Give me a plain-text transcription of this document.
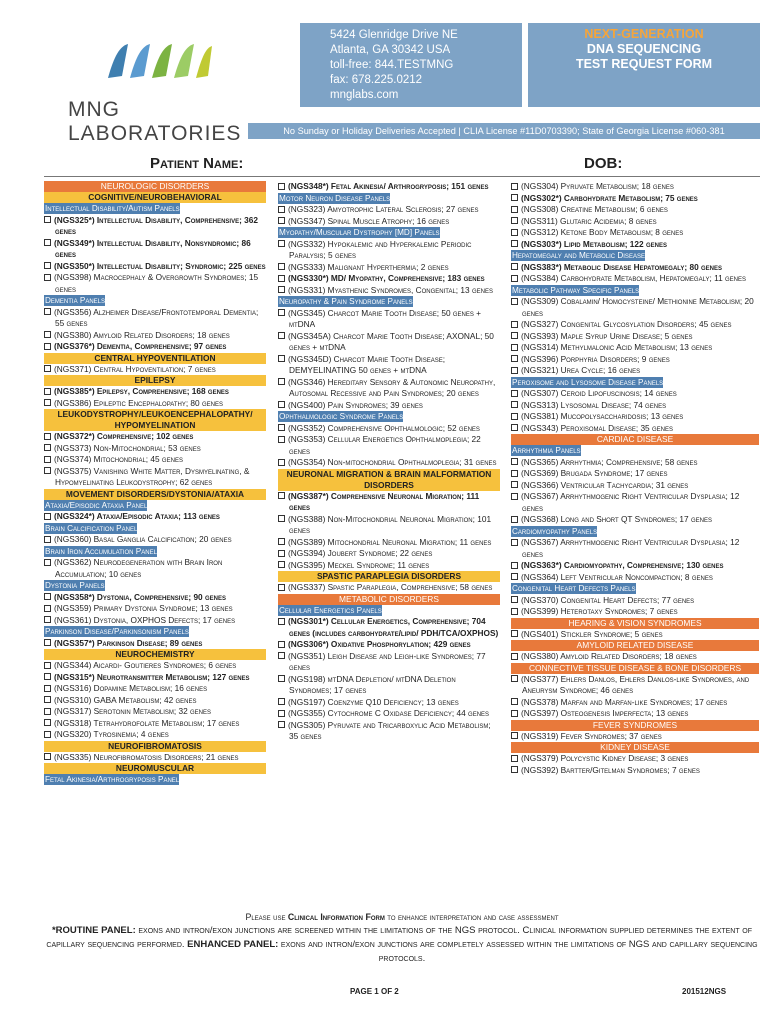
MNG LABORATORIES
5424 Glenridge Drive NE
Atlanta, GA 30342 USA
toll-free: 844.TESTMNG
fax: 678.225.0212
mnglabs.com
NEXT-GENERATION
DNA SEQUENCING
TEST REQUEST FORM
No Sunday or Holiday Deliveries Accepted | CLIA License #11D0703390; State of Georgia License #060-381
Patient Name:	DOB:
NEUROLOGIC DISORDERS
COGNITIVE/NEUROBEHAVIORAL
Intellectual Disability/Autism Panels
(NGS325*) Intellectual Disability, Comprehensive; 362 genes
(NGS349*) Intellectual Disability, Nonsyndromic; 86 genes
(NGS350*) Intellectual Disability; Syndromic; 225 genes
(NGS398) Macrocephaly & Overgrowth Syndromes; 15 genes
Dementia Panels
(NGS356) Alzheimer Disease/Frontotemporal Dementia; 55 genes
(NGS380) Amyloid Related Disorders; 18 genes
(NGS376*) Dementia, Comprehensive; 97 genes
CENTRAL HYPOVENTILATION
(NGS371) Central Hypoventilation; 7 genes
EPILEPSY
(NGS385*) Epilepsy, Comprehensive; 168 genes
(NGS386) Epileptic Encephalopathy; 80 genes
LEUKODYSTROPHY/LEUKOENCEPHALOPATHY/ HYPOMYELINATION
(NGS372*) Comprehensive; 102 genes
(NGS373) Non-Mitochondrial; 53 genes
(NGS374) Mitochondrial; 45 genes
(NGS375) Vanishing White Matter, Dysmyelinating, & Hypomyelinating Leukodystrophy; 62 genes
MOVEMENT DISORDERS/DYSTONIA/ATAXIA
Ataxia/Episodic Ataxia Panel
(NGS324*) Ataxia/Episodic Ataxia; 113 genes
Brain Calcification Panel
(NGS360) Basal Ganglia Calcification; 20 genes
Brain Iron Accumulation Panel
(NGS362) Neurodegeneration with Brain Iron Accumulation; 10 genes
Dystonia Panels
(NGS358*) Dystonia, Comprehensive; 90 genes
(NGS359) Primary Dystonia Syndrome; 13 genes
(NGS361) Dystonia, OXPHOS Defects; 17 genes
Parkinson Disease/Parkinsonism Panels
(NGS357*) Parkinson Disease; 89 genes
NEUROCHEMISTRY
(NGS344) Aicardi- Goutieres Syndromes; 6 genes
(NGS315*) Neurotransmitter Metabolism; 127 genes
(NGS316) Dopamine Metabolism; 16 genes
(NGS310) GABA Metabolism; 42 genes
(NGS317) Serotonin Metabolism; 32 genes
(NGS318) Tetrahydrofolate Metabolism; 17 genes
(NGS320) Tyrosinemia; 4 genes
NEUROFIBROMATOSIS
(NGS335) Neurofibromatosis Disorders; 21 genes
NEUROMUSCULAR
Fetal Akinesia/Arthrogryposis Panel
(NGS348*) Fetal Akinesia/ Arthrogryposis; 151 genes
Motor Neuron Disease Panels
(NGS323) Amyotrophic Lateral Sclerosis; 27 genes
(NGS347) Spinal Muscle Atrophy; 16 genes
Myopathy/Muscular Dystrophy [MD] Panels
(NGS332) Hypokalemic and Hyperkalemic Periodic Paralysis; 5 genes
(NGS333) Malignant Hyperthermia; 2 genes
(NGS330*) MD/ Myopathy, Comprehensive; 183 genes
(NGS331) Myasthenic Syndromes, Congenital; 13 genes
Neuropathy & Pain Syndrome Panels
(NGS345) Charcot Marie Tooth Disease; 50 genes + mtDNA
(NGS345A) Charcot Marie Tooth Disease; AXONAL; 50 genes + mtDNA
(NGS345D) Charcot Marie Tooth Disease; DEMYELINATING 50 genes + mtDNA
(NGS346) Hereditary Sensory & Autonomic Neuropathy, Autosomal Recessive and Pain Syndromes; 20 genes
(NGS400) Pain Syndromes; 39 genes
Ophthalmologic Syndrome Panels
(NGS352) Comprehensive Ophthalmologic; 52 genes
(NGS353) Cellular Energetics Ophthalmoplegia; 22 genes
(NGS354) Non-mitochondrial Ophthalmoplegia; 31 genes
NEURONAL MIGRATION & BRAIN MALFORMATION DISORDERS
(NGS387*) Comprehensive Neuronal Migration; 111 genes
(NGS388) Non-Mitochondrial Neuronal Migration; 101 genes
(NGS389) Mitochondrial Neuronal Migration; 11 genes
(NGS394) Joubert Syndrome; 22 genes
(NGS395) Meckel Syndrome; 11 genes
SPASTIC PARAPLEGIA DISORDERS
(NGS337) Spastic Paraplegia, Comprehensive; 58 genes
METABOLIC DISORDERS
Cellular Energetics Panels
(NGS301*) Cellular Energetics, Comprehensive; 704 genes (includes carbohydrate/lipid/ PDH/TCA/OXPHOS)
(NGS306*) Oxidative Phosphorylation; 429 genes
(NGS351) Leigh Disease and Leigh-like Syndromes; 77 genes
(NGS198) mtDNA Depletion/ mtDNA Deletion Syndromes; 17 genes
(NGS197) Coenzyme Q10 Deficiency; 13 genes
(NGS355) Cytochrome C Oxidase Deficiency; 44 genes
(NGS305) Pyruvate and Tricarboxylic Acid Metabolism; 35 genes
(NGS304) Pyruvate Metabolism; 18 genes
(NGS302*) Carbohydrate Metabolism; 75 genes
(NGS308) Creatine Metabolism; 6 genes
(NGS311) Glutaric Acidemia; 8 genes
(NGS312) Ketone Body Metabolism; 8 genes
(NGS303*) Lipid Metabolism; 122 genes
Hepatomegaly and Metabolic Disease
(NGS383*) Metabolic Disease Hepatomegaly; 80 genes
(NGS384) Carbohydrate Metabolism, Hepatomegaly; 11 genes
Metabolic Pathway Specific Panels
(NGS309) Cobalamin/ Homocysteine/ Methionine Metabolism; 20 genes
(NGS327) Congenital Glycosylation Disorders; 45 genes
(NGS393) Maple Syrup Urine Disease; 5 genes
(NGS314) Methylmalonic Acid Metabolism; 13 genes
(NGS396) Porphyria Disorders; 9 genes
(NGS321) Urea Cycle; 16 genes
Peroxisome and Lysosome Disease Panels
(NGS307) Ceroid Lipofuscinosis; 14 genes
(NGS313) Lysosomal Disease; 74 genes
(NGS381) Mucopolysaccharidosis; 13 genes
(NGS343) Peroxisomal Disease; 35 genes
CARDIAC DISEASE
Arrhythmia Panels
(NGS365) Arrhythmia; Comprehensive; 58 genes
(NGS369) Brugada Syndrome; 17 genes
(NGS366) Ventricular Tachycardia; 31 genes
(NGS367) Arrhythmogenic Right Ventricular Dysplasia; 12 genes
(NGS368) Long and Short QT Syndromes; 17 genes
Cardiomyopathy Panels
(NGS367) Arrhythmogenic Right Ventricular Dysplasia; 12 genes
(NGS363*) Cardiomyopathy, Comprehensive; 130 genes
(NGS364) Left Ventricular Noncompaction; 8 genes
Congenital Heart Defects Panels
(NGS370) Congenital Heart Defects; 77 genes
(NGS399) Heterotaxy Syndromes; 7 genes
HEARING & VISION SYNDROMES
(NGS401) Stickler Syndrome; 5 genes
AMYLOID RELATED DISEASE
(NGS380) Amyloid Related Disorders; 18 genes
CONNECTIVE TISSUE DISEASE & BONE DISORDERS
(NGS377) Ehlers Danlos, Ehlers Danlos-like Syndromes, and Aneurysm Syndrome; 46 genes
(NGS378) Marfan and Marfan-like Syndromes; 17 genes
(NGS397) Osteogenesis Imperfecta; 13 genes
FEVER SYNDROMES
(NGS319) Fever Syndromes; 37 genes
KIDNEY DISEASE
(NGS379) Polycystic Kidney Disease; 3 genes
(NGS392) Bartter/Gitelman Syndromes; 7 genes
Please use Clinical Information Form to enhance interpretation and case assessment
*ROUTINE PANEL: exons and intron/exon junctions are screened within the limitations of the NGS protocol. Clinical information supplied determines the extent of capillary sequencing performed. ENHANCED PANEL: exons and intron/exon junctions are completely assessed within the limitations of NGS and capillary sequencing protocols.
PAGE 1 OF 2	201512NGS
